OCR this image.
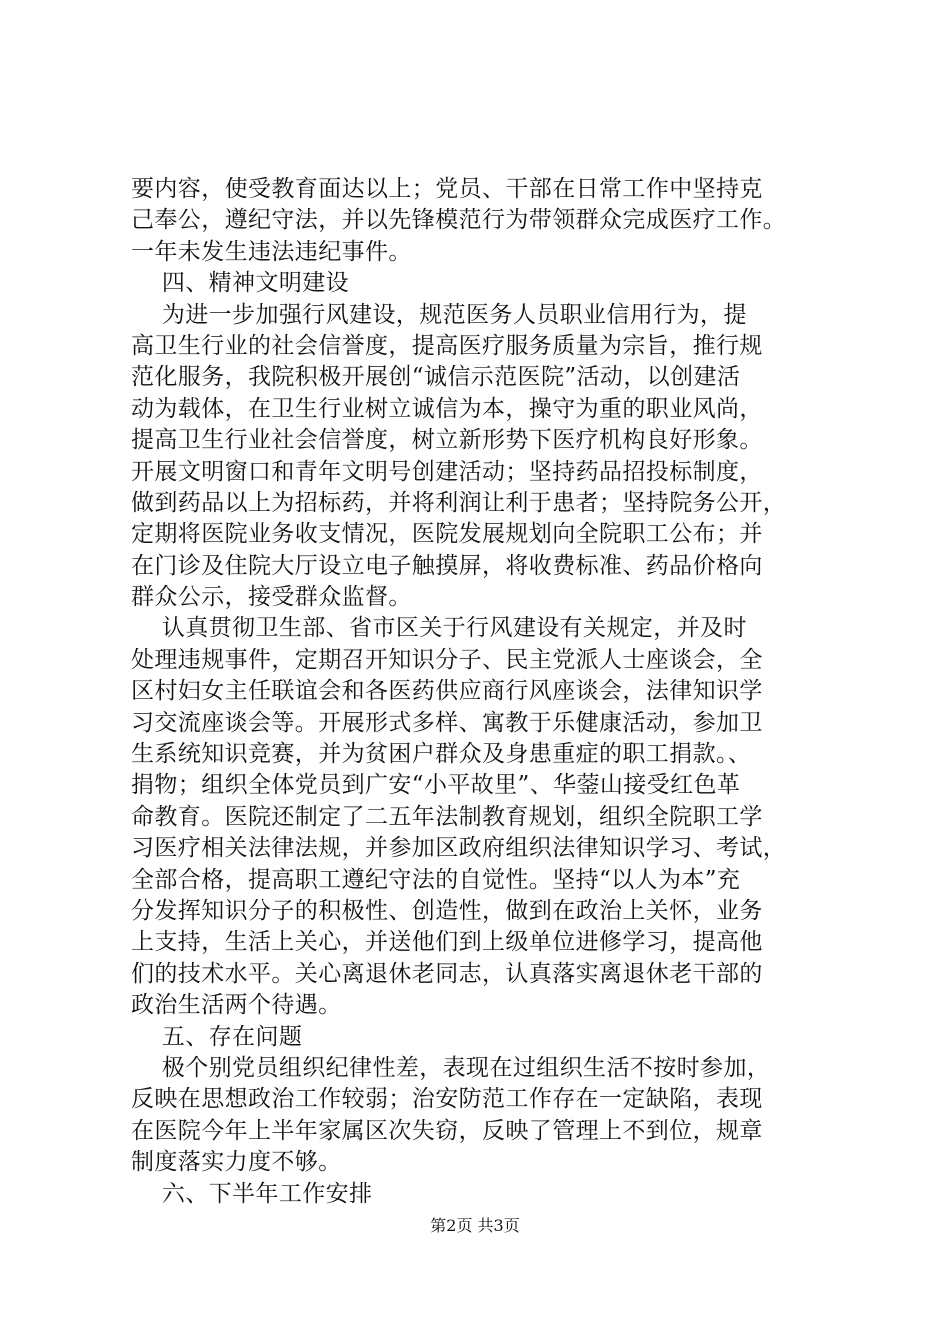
要内容，使受教育面达以上；党员、干部在日常工作中坚持克
己奉公，遵纪守法，并以先锋模范行为带领群众完成医疗工作。
一年未发生违法违纪事件。
四、精神文明建设
为进一步加强行风建设，规范医务人员职业信用行为，提
高卫生行业的社会信誉度，提高医疗服务质量为宗旨，推行规
范化服务，我院积极开展创“诚信示范医院”活动，以创建活
动为载体，在卫生行业树立诚信为本，操守为重的职业风尚，
提高卫生行业社会信誉度，树立新形势下医疗机构良好形象。
开展文明窗口和青年文明号创建活动；坚持药品招投标制度，
做到药品以上为招标药，并将利润让利于患者；坚持院务公开，
定期将医院业务收支情况，医院发展规划向全院职工公布；并
在门诊及住院大厅设立电子触摸屏，将收费标准、药品价格向
群众公示，接受群众监督。
认真贯彻卫生部、省市区关于行风建设有关规定，并及时
处理违规事件，定期召开知识分子、民主党派人士座谈会，全
区村妇女主任联谊会和各医药供应商行风座谈会，法律知识学
习交流座谈会等。开展形式多样、寓教于乐健康活动，参加卫
生系统知识竞赛，并为贫困户群众及身患重症的职工捐款。、
捐物；组织全体党员到广安“小平故里”、华蓥山接受红色革
命教育。医院还制定了二五年法制教育规划，组织全院职工学
习医疗相关法律法规，并参加区政府组织法律知识学习、考试，
全部合格，提高职工遵纪守法的自觉性。坚持“以人为本”充
分发挥知识分子的积极性、创造性，做到在政治上关怀，业务
上支持，生活上关心，并送他们到上级单位进修学习，提高他
们的技术水平。关心离退休老同志，认真落实离退休老干部的
政治生活两个待遇。
五、存在问题
极个别党员组织纪律性差，表现在过组织生活不按时参加，
反映在思想政治工作较弱；治安防范工作存在一定缺陷，表现
在医院今年上半年家属区次失窃，反映了管理上不到位，规章
制度落实力度不够。
六、下半年工作安排
第2页 共3页
